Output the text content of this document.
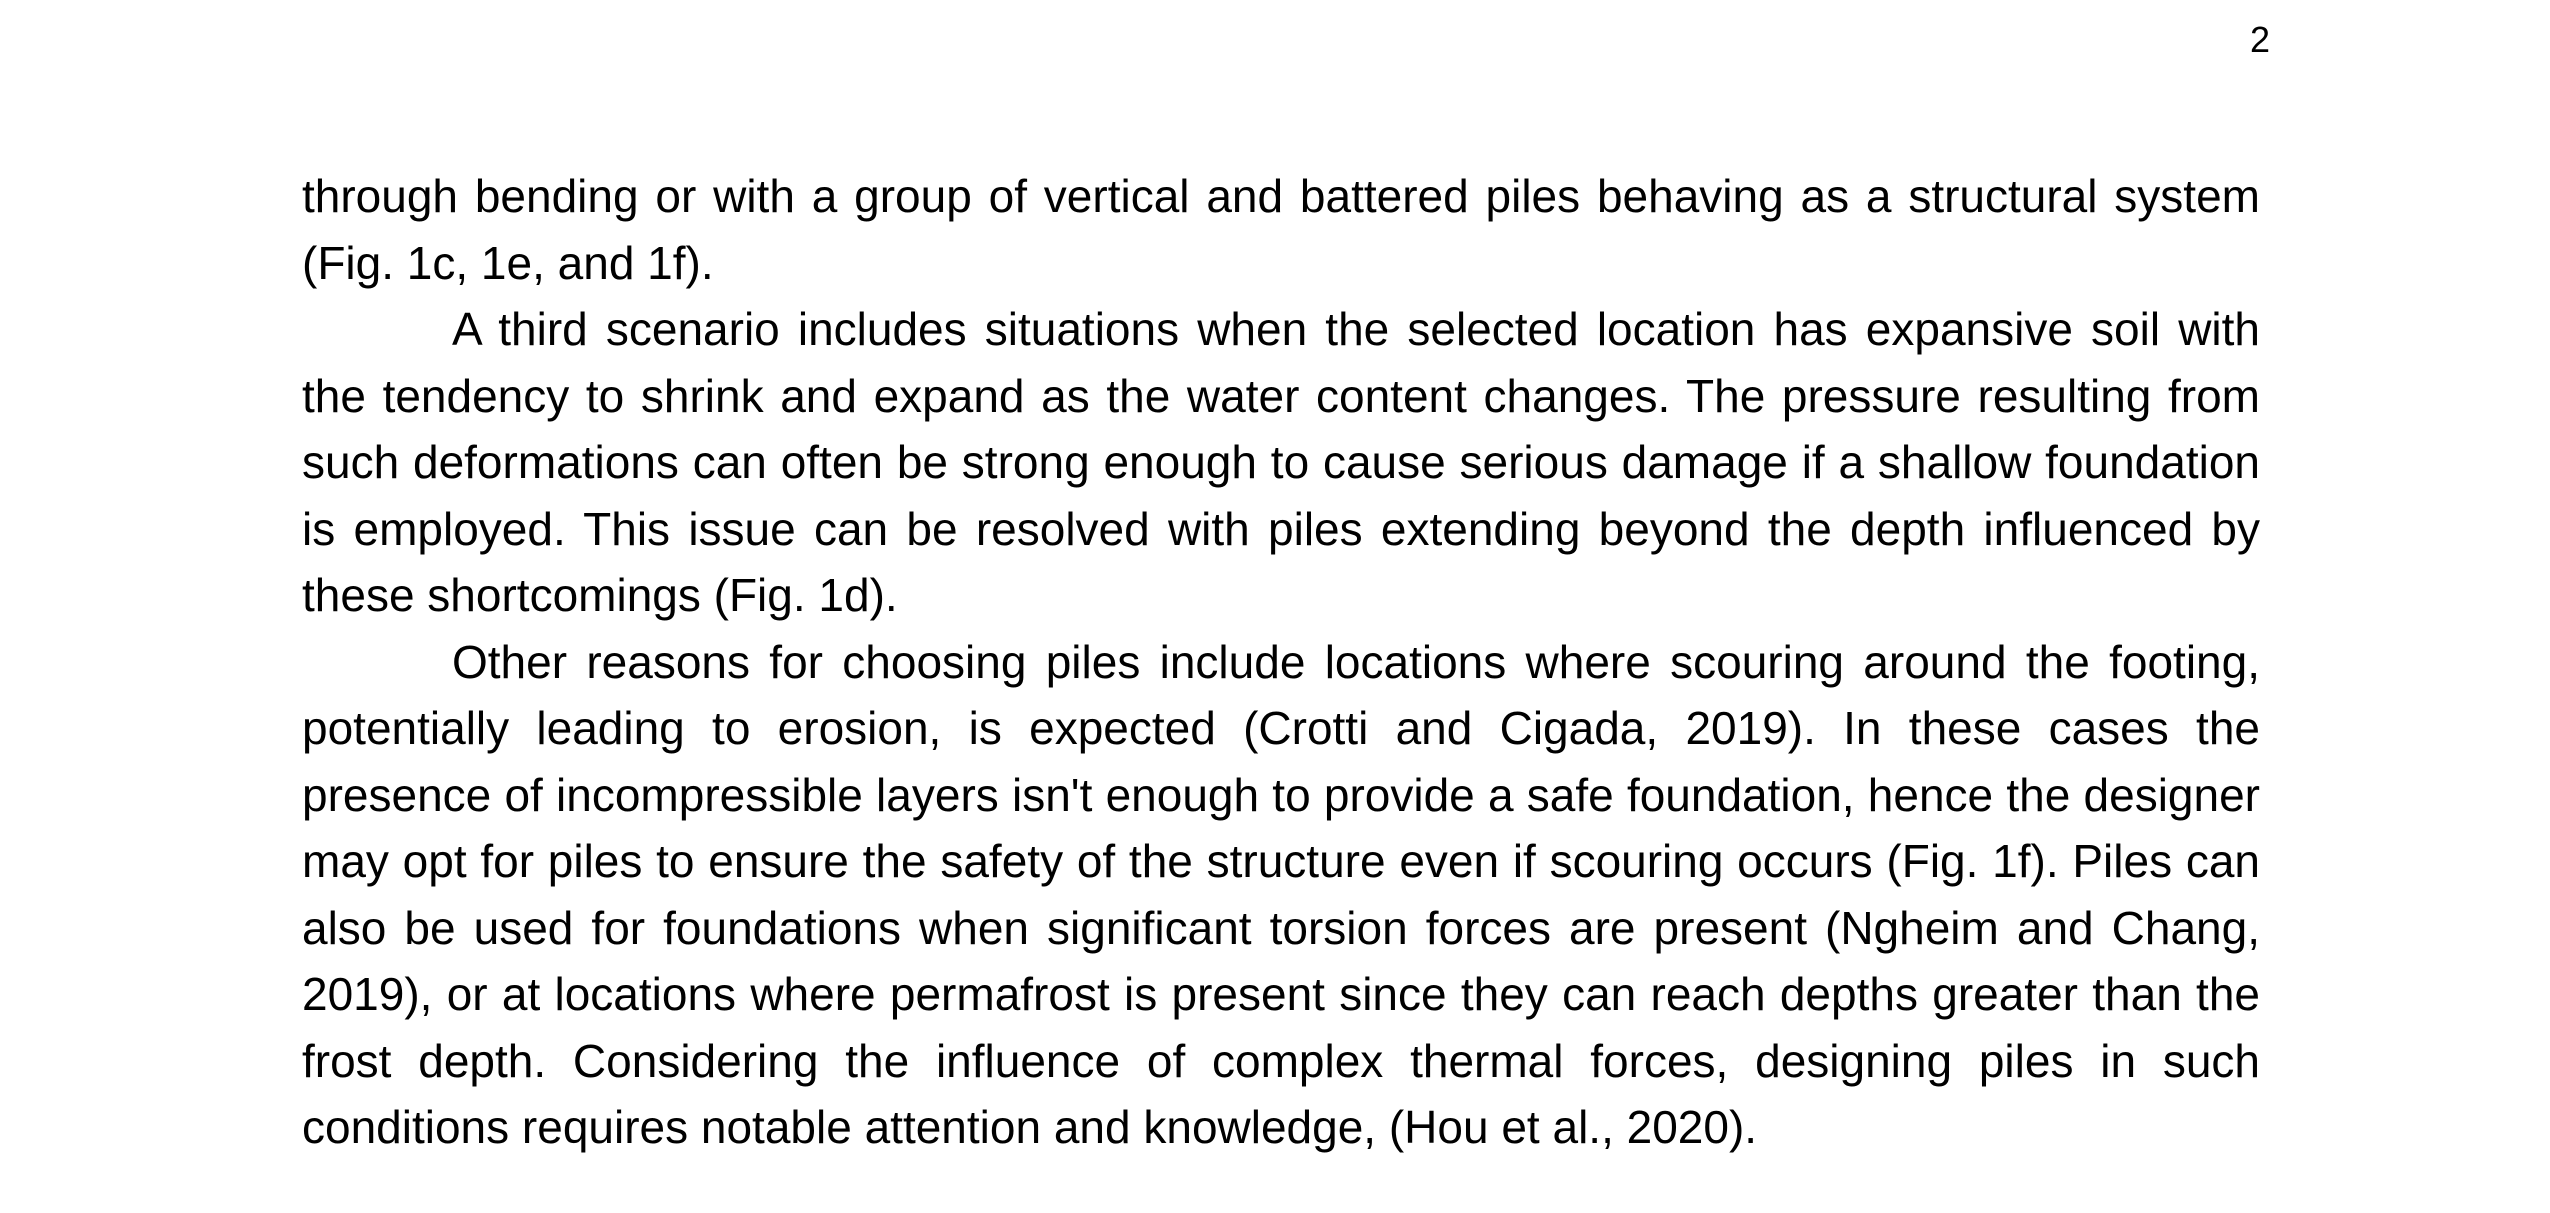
2

through bending or with a group of vertical and battered piles behaving as a structural system (Fig. 1c, 1e, and 1f).

A third scenario includes situations when the selected location has expansive soil with the tendency to shrink and expand as the water content changes. The pressure resulting from such deformations can often be strong enough to cause serious damage if a shallow foundation is employed. This issue can be resolved with piles extending beyond the depth influenced by these shortcomings (Fig. 1d).

Other reasons for choosing piles include locations where scouring around the footing, potentially leading to erosion, is expected (Crotti and Cigada, 2019). In these cases the presence of incompressible layers isn't enough to provide a safe foundation, hence the designer may opt for piles to ensure the safety of the structure even if scouring occurs (Fig. 1f). Piles can also be used for foundations when significant torsion forces are present (Ngheim and Chang, 2019), or at locations where permafrost is present since they can reach depths greater than the frost depth. Considering the influence of complex thermal forces, designing piles in such conditions requires notable attention and knowledge, (Hou et al., 2020).
